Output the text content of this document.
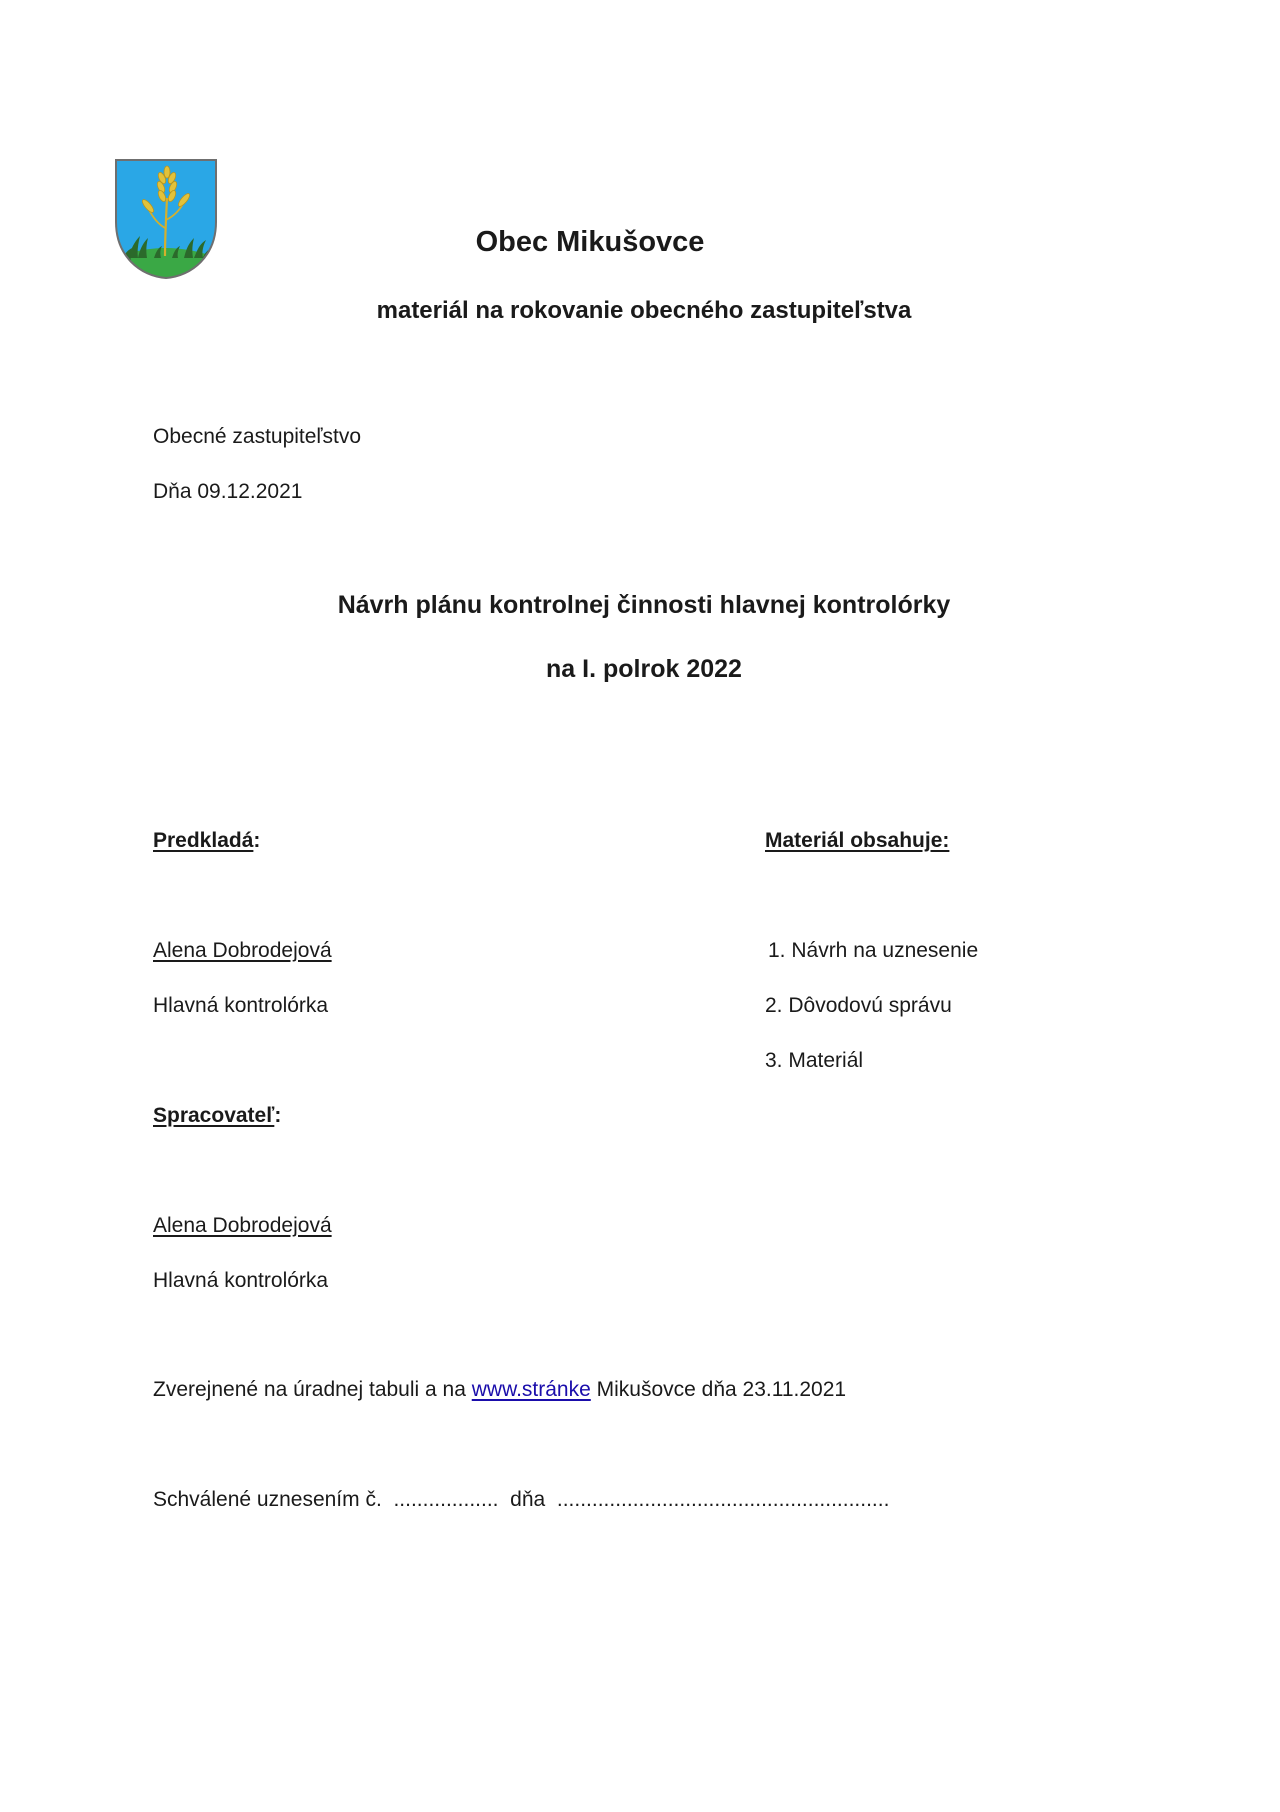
Obec Mikušovce
materiál na rokovanie obecného zastupiteľstva
Obecné zastupiteľstvo
Dňa 09.12.2021
Návrh plánu kontrolnej činnosti hlavnej kontrolórky
na I. polrok 2022
Predkladá:
Alena Dobrodejová
Hlavná kontrolórka
Materiál obsahuje:
1. Návrh na uznesenie
2. Dôvodovú správu
3. Materiál
Spracovateľ:
Alena Dobrodejová
Hlavná kontrolórka
Zverejnené na úradnej tabuli a na www.stránke Mikušovce dňa 23.11.2021
Schválené uznesením č.  ..................  dňa  .........................................................
